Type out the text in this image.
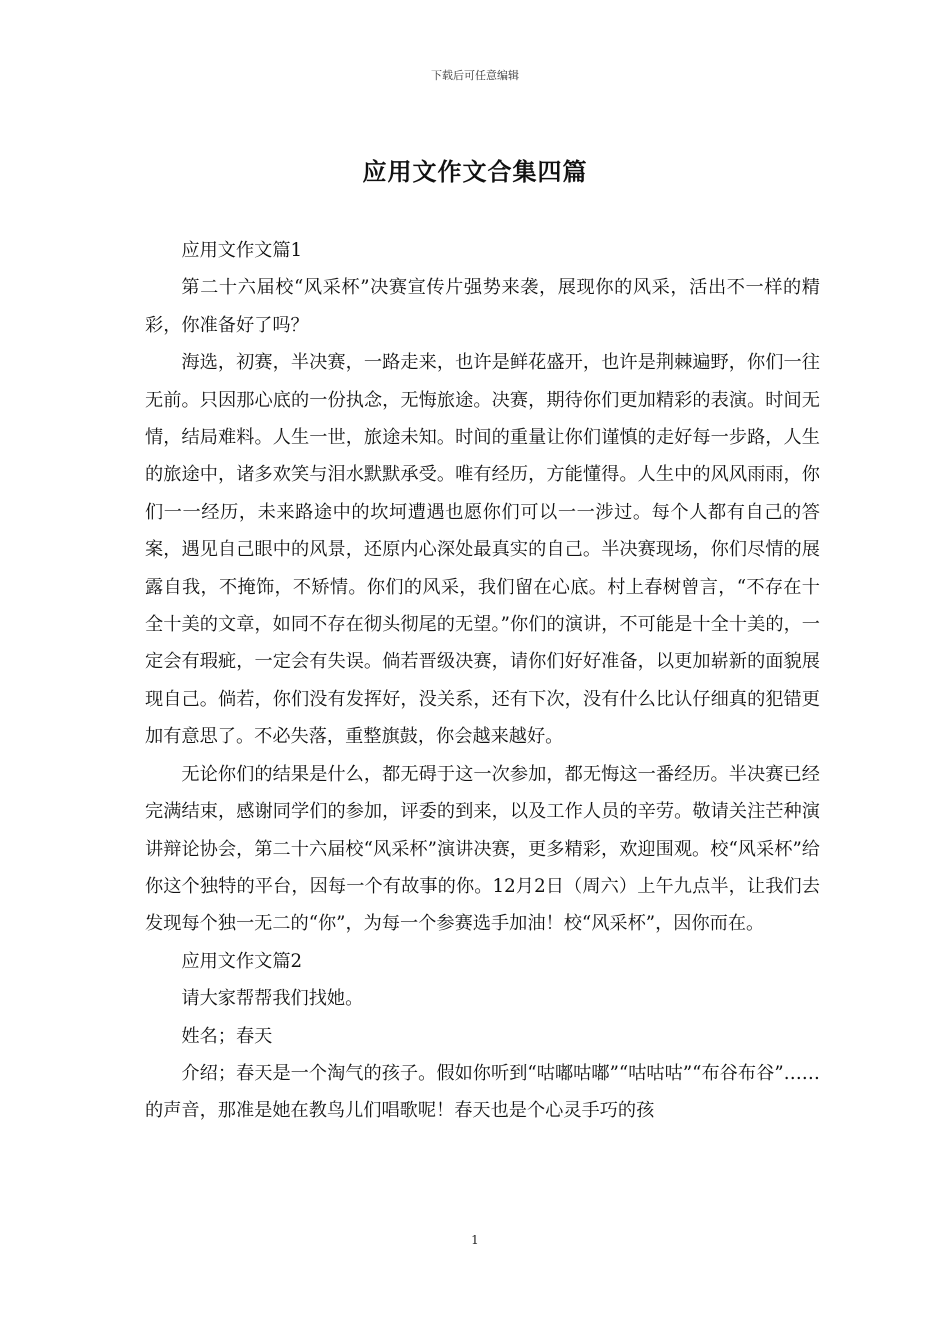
下载后可任意编辑
应用文作文合集四篇

应用文作文篇1

第二十六届校“风采杯”决赛宣传片强势来袭，展现你的风采，活出不一样的精彩，你准备好了吗？

海选，初赛，半决赛，一路走来，也许是鲜花盛开，也许是荆棘遍野，你们一往无前。只因那心底的一份执念，无悔旅途。决赛，期待你们更加精彩的表演。时间无情，结局难料。人生一世，旅途未知。时间的重量让你们谨慎的走好每一步路，人生的旅途中，诸多欢笑与泪水默默承受。唯有经历，方能懂得。人生中的风风雨雨，你们一一经历，未来路途中的坎坷遭遇也愿你们可以一一涉过。每个人都有自己的答案，遇见自己眼中的风景，还原内心深处最真实的自己。半决赛现场，你们尽情的展露自我，不掩饰，不矫情。你们的风采，我们留在心底。村上春树曾言，“不存在十全十美的文章，如同不存在彻头彻尾的无望。”你们的演讲，不可能是十全十美的，一定会有瑕疵，一定会有失误。倘若晋级决赛，请你们好好准备，以更加崭新的面貌展现自己。倘若，你们没有发挥好，没关系，还有下次，没有什么比认仔细真的犯错更加有意思了。不必失落，重整旗鼓，你会越来越好。

无论你们的结果是什么，都无碍于这一次参加，都无悔这一番经历。半决赛已经完满结束，感谢同学们的参加，评委的到来，以及工作人员的辛劳。敬请关注芒种演讲辩论协会，第二十六届校“风采杯”演讲决赛，更多精彩，欢迎围观。校“风采杯”给你这个独特的平台，因每一个有故事的你。12月2日（周六）上午九点半，让我们去发现每个独一无二的“你”，为每一个参赛选手加油！校“风采杯”，因你而在。

应用文作文篇2

请大家帮帮我们找她。

姓名；春天

介绍；春天是一个淘气的孩子。假如你听到“咕嘟咕嘟”“咕咕咕”“布谷布谷”……的声音，那准是她在教鸟儿们唱歌呢！春天也是个心灵手巧的孩

1
